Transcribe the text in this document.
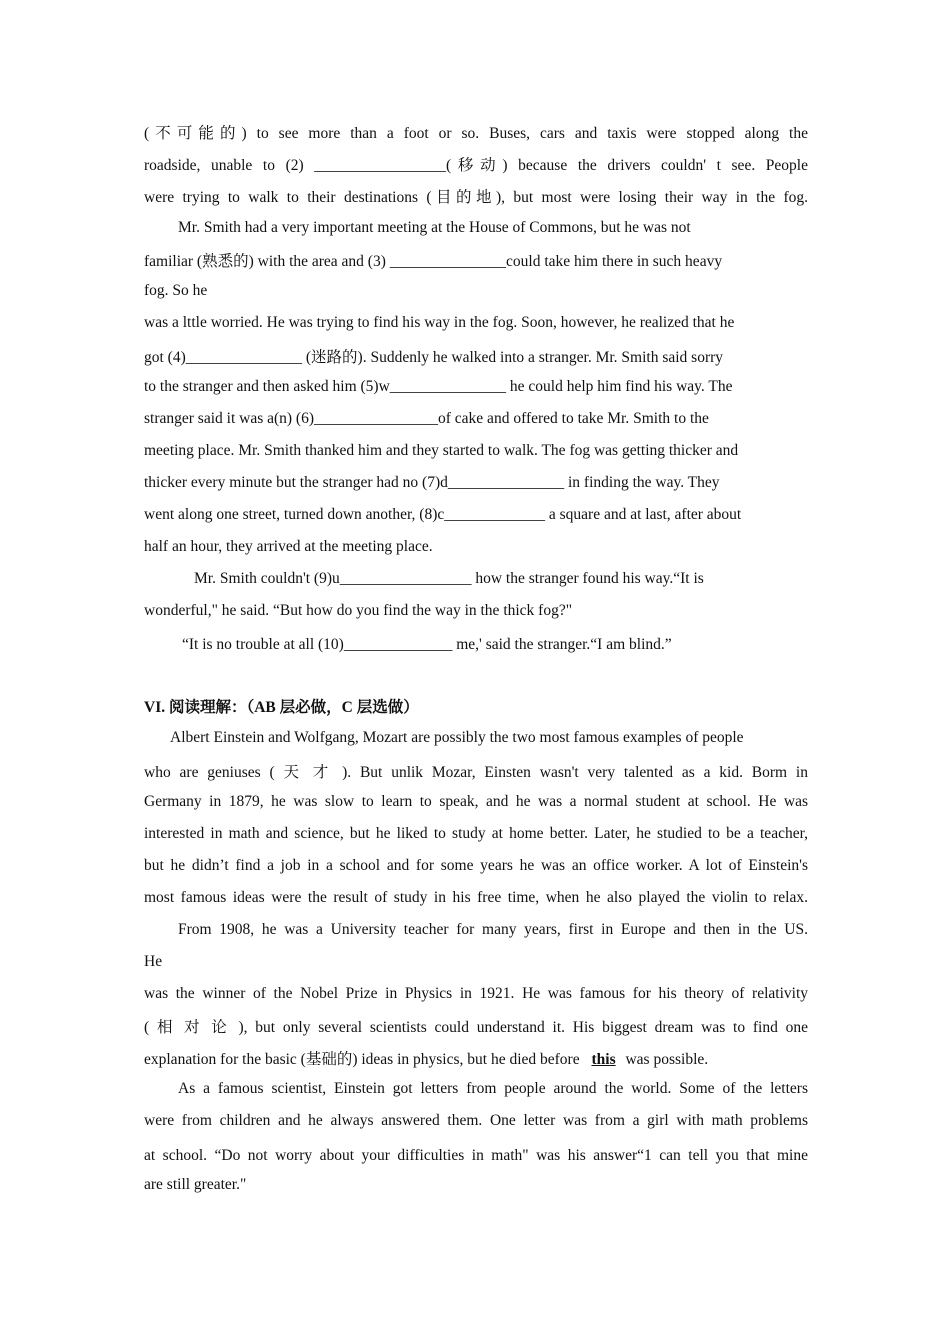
(不可能的) to see more than a foot or so. Buses, cars and taxis were stopped along the
roadside, unable to (2) _________________(移动) because the drivers couldn' t see. People
were trying to walk to their destinations (目的地), but most were losing their way in the fog.
Mr. Smith had a very important meeting at the House of Commons, but he was not
familiar (熟悉的) with the area and (3) _______________could take him there in such heavy
fog. So he
was a lttle worried. He was trying to find his way in the fog. Soon, however, he realized that he
got (4)_______________ (迷路的). Suddenly he walked into a stranger. Mr. Smith said sorry
to the stranger and then asked him (5)w_______________ he could help him find his way. The
stranger said it was a(n) (6)________________of cake and offered to take Mr. Smith to the
meeting place. Mr. Smith thanked him and they started to walk. The fog was getting thicker and
thicker every minute but the stranger had no (7)d_______________ in finding the way. They
went along one street, turned down another, (8)c_____________ a square and at last, after about
half an hour, they arrived at the meeting place.
Mr. Smith couldn't (9)u_________________ how the stranger found his way.“It is
wonderful," he said. “But how do you find the way in the thick fog?"
“It is no trouble at all (10)______________ me,' said the stranger.“I am blind.”
VI. 阅读理解：（AB 层必做，C 层选做）
Albert Einstein and Wolfgang, Mozart are possibly the two most famous examples of people
who are geniuses ( 天 才 ). But unlik Mozar, Einsten wasn't very talented as a kid. Borm in
Germany in 1879, he was slow to learn to speak, and he was a normal student at school. He was
interested in math and science, but he liked to study at home better. Later, he studied to be a teacher,
but he didn’t find a job in a school and for some years he was an office worker. A lot of Einstein's
most famous ideas were the result of study in his free time, when he also played the violin to relax.
From 1908, he was a University teacher for many years, first in Europe and then in the US.
He
was the winner of the Nobel Prize in Physics in 1921. He was famous for his theory of relativity
( 相 对 论 ), but only several scientists could understand it. His biggest dream was to find one
explanation for the basic (基础的) ideas in physics, but he died before this was possible.
As a famous scientist, Einstein got letters from people around the world. Some of the letters
were from children and he always answered them. One letter was from a girl with math problems
at school. “Do not worry about your difficulties in math" was his answer“1 can tell you that mine
are still greater."
